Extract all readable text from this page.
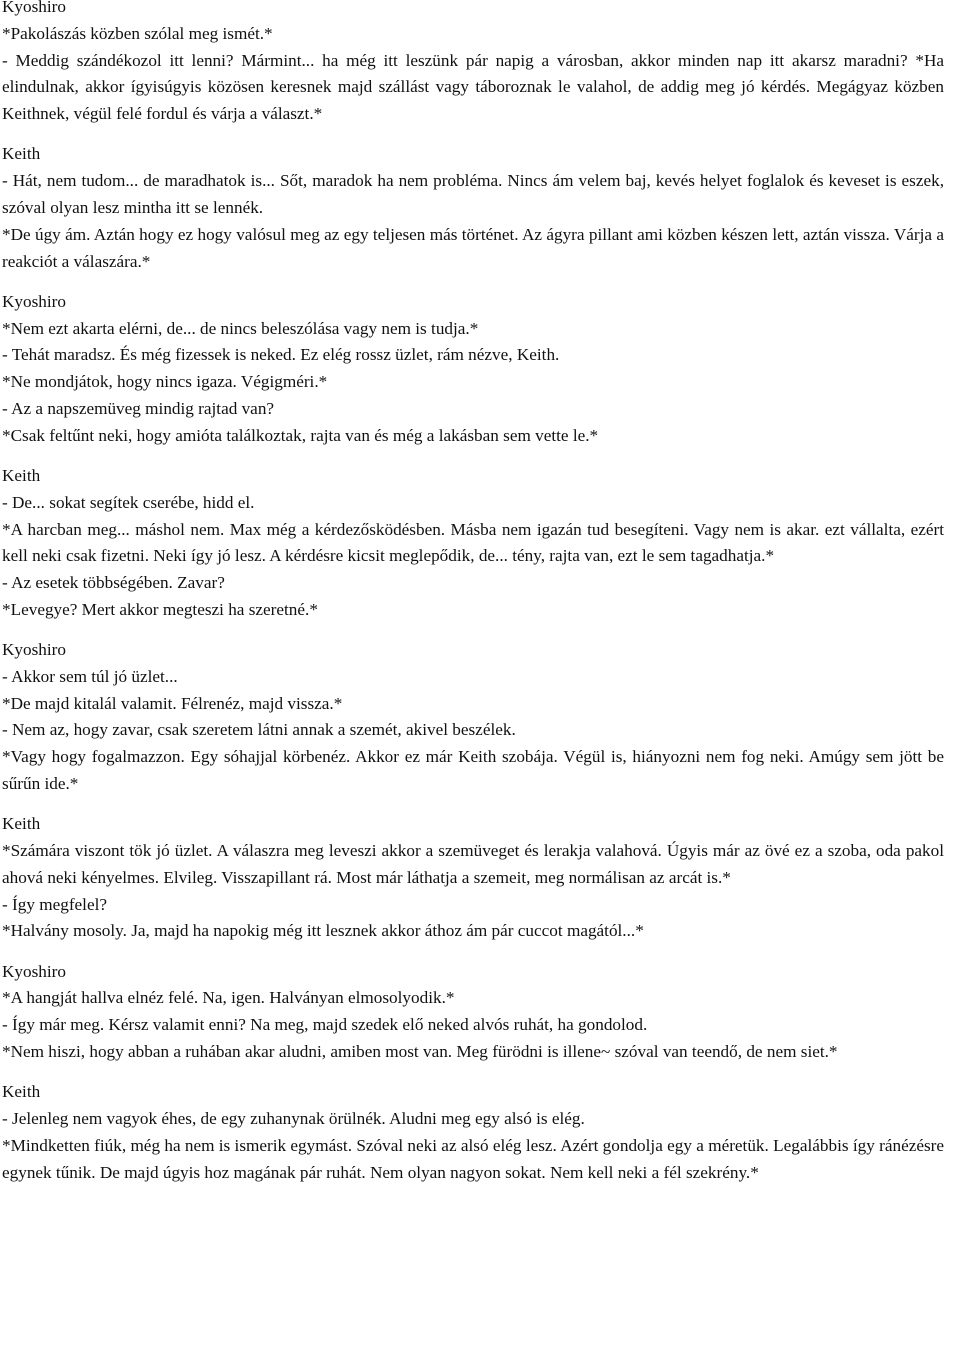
Kyoshiro

*Pakolászás közben szólal meg ismét.*

- Meddig szándékozol itt lenni? Mármint... ha még itt leszünk pár napig a városban, akkor minden nap itt akarsz maradni? *Ha elindulnak, akkor ígyisúgyis közösen keresnek majd szállást vagy táboroznak le valahol, de addig meg jó kérdés. Megágyaz közben Keithnek, végül felé fordul és várja a választ.*

Keith

- Hát, nem tudom... de maradhatok is... Sőt, maradok ha nem probléma. Nincs ám velem baj, kevés helyet foglalok és keveset is eszek, szóval olyan lesz mintha itt se lennék.

*De úgy ám. Aztán hogy ez hogy valósul meg az egy teljesen más történet. Az ágyra pillant ami közben készen lett, aztán vissza. Várja a reakciót a válaszára.*

Kyoshiro

*Nem ezt akarta elérni, de... de nincs beleszólása vagy nem is tudja.*

- Tehát maradsz. És még fizessek is neked. Ez elég rossz üzlet, rám nézve, Keith.

*Ne mondjátok, hogy nincs igaza. Végigméri.*

- Az a napszemüveg mindig rajtad van?

*Csak feltűnt neki, hogy amióta találkoztak, rajta van és még a lakásban sem vette le.*

Keith

- De... sokat segítek cserébe, hidd el.

*A harcban meg... máshol nem. Max még a kérdezősködésben. Másba nem igazán tud besegíteni. Vagy nem is akar. ezt vállalta, ezért kell neki csak fizetni. Neki így jó lesz. A kérdésre kicsit meglepődik, de... tény, rajta van, ezt le sem tagadhatja.*

- Az esetek többségében. Zavar?

*Levegye? Mert akkor megteszi ha szeretné.*

Kyoshiro

- Akkor sem túl jó üzlet...

*De majd kitalál valamit. Félrenéz, majd vissza.*

- Nem az, hogy zavar, csak szeretem látni annak a szemét, akivel beszélek.

*Vagy hogy fogalmazzon. Egy sóhajjal körbenéz. Akkor ez már Keith szobája. Végül is, hiányozni nem fog neki. Amúgy sem jött be sűrűn ide.*

Keith

*Számára viszont tök jó üzlet. A válaszra meg leveszi akkor a szemüveget és lerakja valahová. Úgyis már az övé ez a szoba, oda pakol ahová neki kényelmes. Elvileg. Visszapillant rá. Most már láthatja a szemeit, meg normálisan az arcát is.*

- Így megfelel?

*Halvány mosoly. Ja, majd ha napokig még itt lesznek akkor áthoz ám pár cuccot magától...*

Kyoshiro

*A hangját hallva elnéz felé. Na, igen. Halványan elmosolyodik.*

- Így már meg. Kérsz valamit enni? Na meg, majd szedek elő neked alvós ruhát, ha gondolod.

*Nem hiszi, hogy abban a ruhában akar aludni, amiben most van. Meg fürödni is illene~ szóval van teendő, de nem siet.*

Keith

- Jelenleg nem vagyok éhes, de egy zuhanynak örülnék. Aludni meg egy alsó is elég.

*Mindketten fiúk, még ha nem is ismerik egymást. Szóval neki az alsó elég lesz. Azért gondolja egy a méretük. Legalábbis így ránézésre egynek tűnik. De majd úgyis hoz magának pár ruhát. Nem olyan nagyon sokat. Nem kell neki a fél szekrény.*
